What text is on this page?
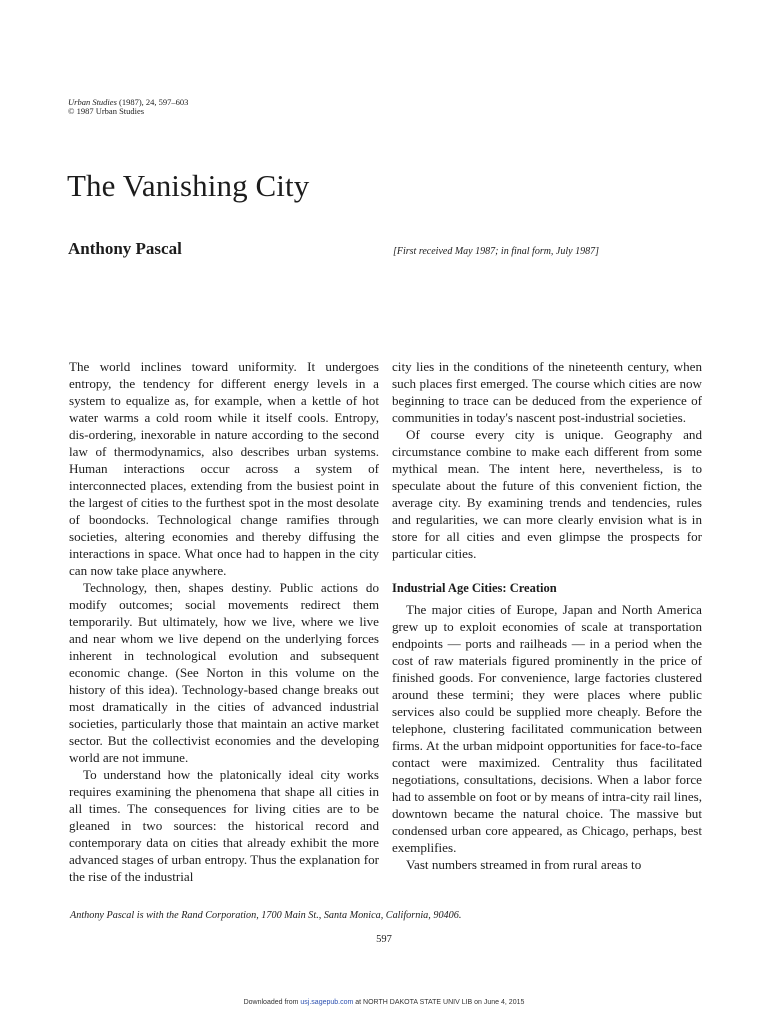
Urban Studies (1987), 24, 597–603
© 1987 Urban Studies
The Vanishing City
Anthony Pascal	[First received May 1987; in final form, July 1987]

The world inclines toward uniformity. It undergoes entropy, the tendency for different energy levels in a system to equalize as, for example, when a kettle of hot water warms a cold room while it itself cools. Entropy, dis-ordering, inexorable in nature according to the second law of thermodynamics, also describes urban systems. Human interactions occur across a system of interconnected places, extending from the busiest point in the largest of cities to the furthest spot in the most desolate of boondocks. Technological change ramifies through societies, altering economies and thereby diffusing the interactions in space. What once had to happen in the city can now take place anywhere.

Technology, then, shapes destiny. Public actions do modify outcomes; social movements redirect them temporarily. But ultimately, how we live, where we live and near whom we live depend on the underlying forces inherent in technological evolution and subsequent economic change. (See Norton in this volume on the history of this idea). Technology-based change breaks out most dramatically in the cities of advanced industrial societies, particularly those that maintain an active market sector. But the collectivist economies and the developing world are not immune.

To understand how the platonically ideal city works requires examining the phenomena that shape all cities in all times. The consequences for living cities are to be gleaned in two sources: the historical record and contemporary data on cities that already exhibit the more advanced stages of urban entropy. Thus the explanation for the rise of the industrial

city lies in the conditions of the nineteenth century, when such places first emerged. The course which cities are now beginning to trace can be deduced from the experience of communities in today's nascent post-industrial societies.

Of course every city is unique. Geography and circumstance combine to make each different from some mythical mean. The intent here, nevertheless, is to speculate about the future of this convenient fiction, the average city. By examining trends and tendencies, rules and regularities, we can more clearly envision what is in store for all cities and even glimpse the prospects for particular cities.

Industrial Age Cities: Creation

The major cities of Europe, Japan and North America grew up to exploit economies of scale at transportation endpoints — ports and railheads — in a period when the cost of raw materials figured prominently in the price of finished goods. For convenience, large factories clustered around these termini; they were places where public services also could be supplied more cheaply. Before the telephone, clustering facilitated communication between firms. At the urban midpoint opportunities for face-to-face contact were maximized. Centrality thus facilitated negotiations, consultations, decisions. When a labor force had to assemble on foot or by means of intra-city rail lines, downtown became the natural choice. The massive but condensed urban core appeared, as Chicago, perhaps, best exemplifies.

Vast numbers streamed in from rural areas to

Anthony Pascal is with the Rand Corporation, 1700 Main St., Santa Monica, California, 90406.
597
Downloaded from usj.sagepub.com at NORTH DAKOTA STATE UNIV LIB on June 4, 2015
